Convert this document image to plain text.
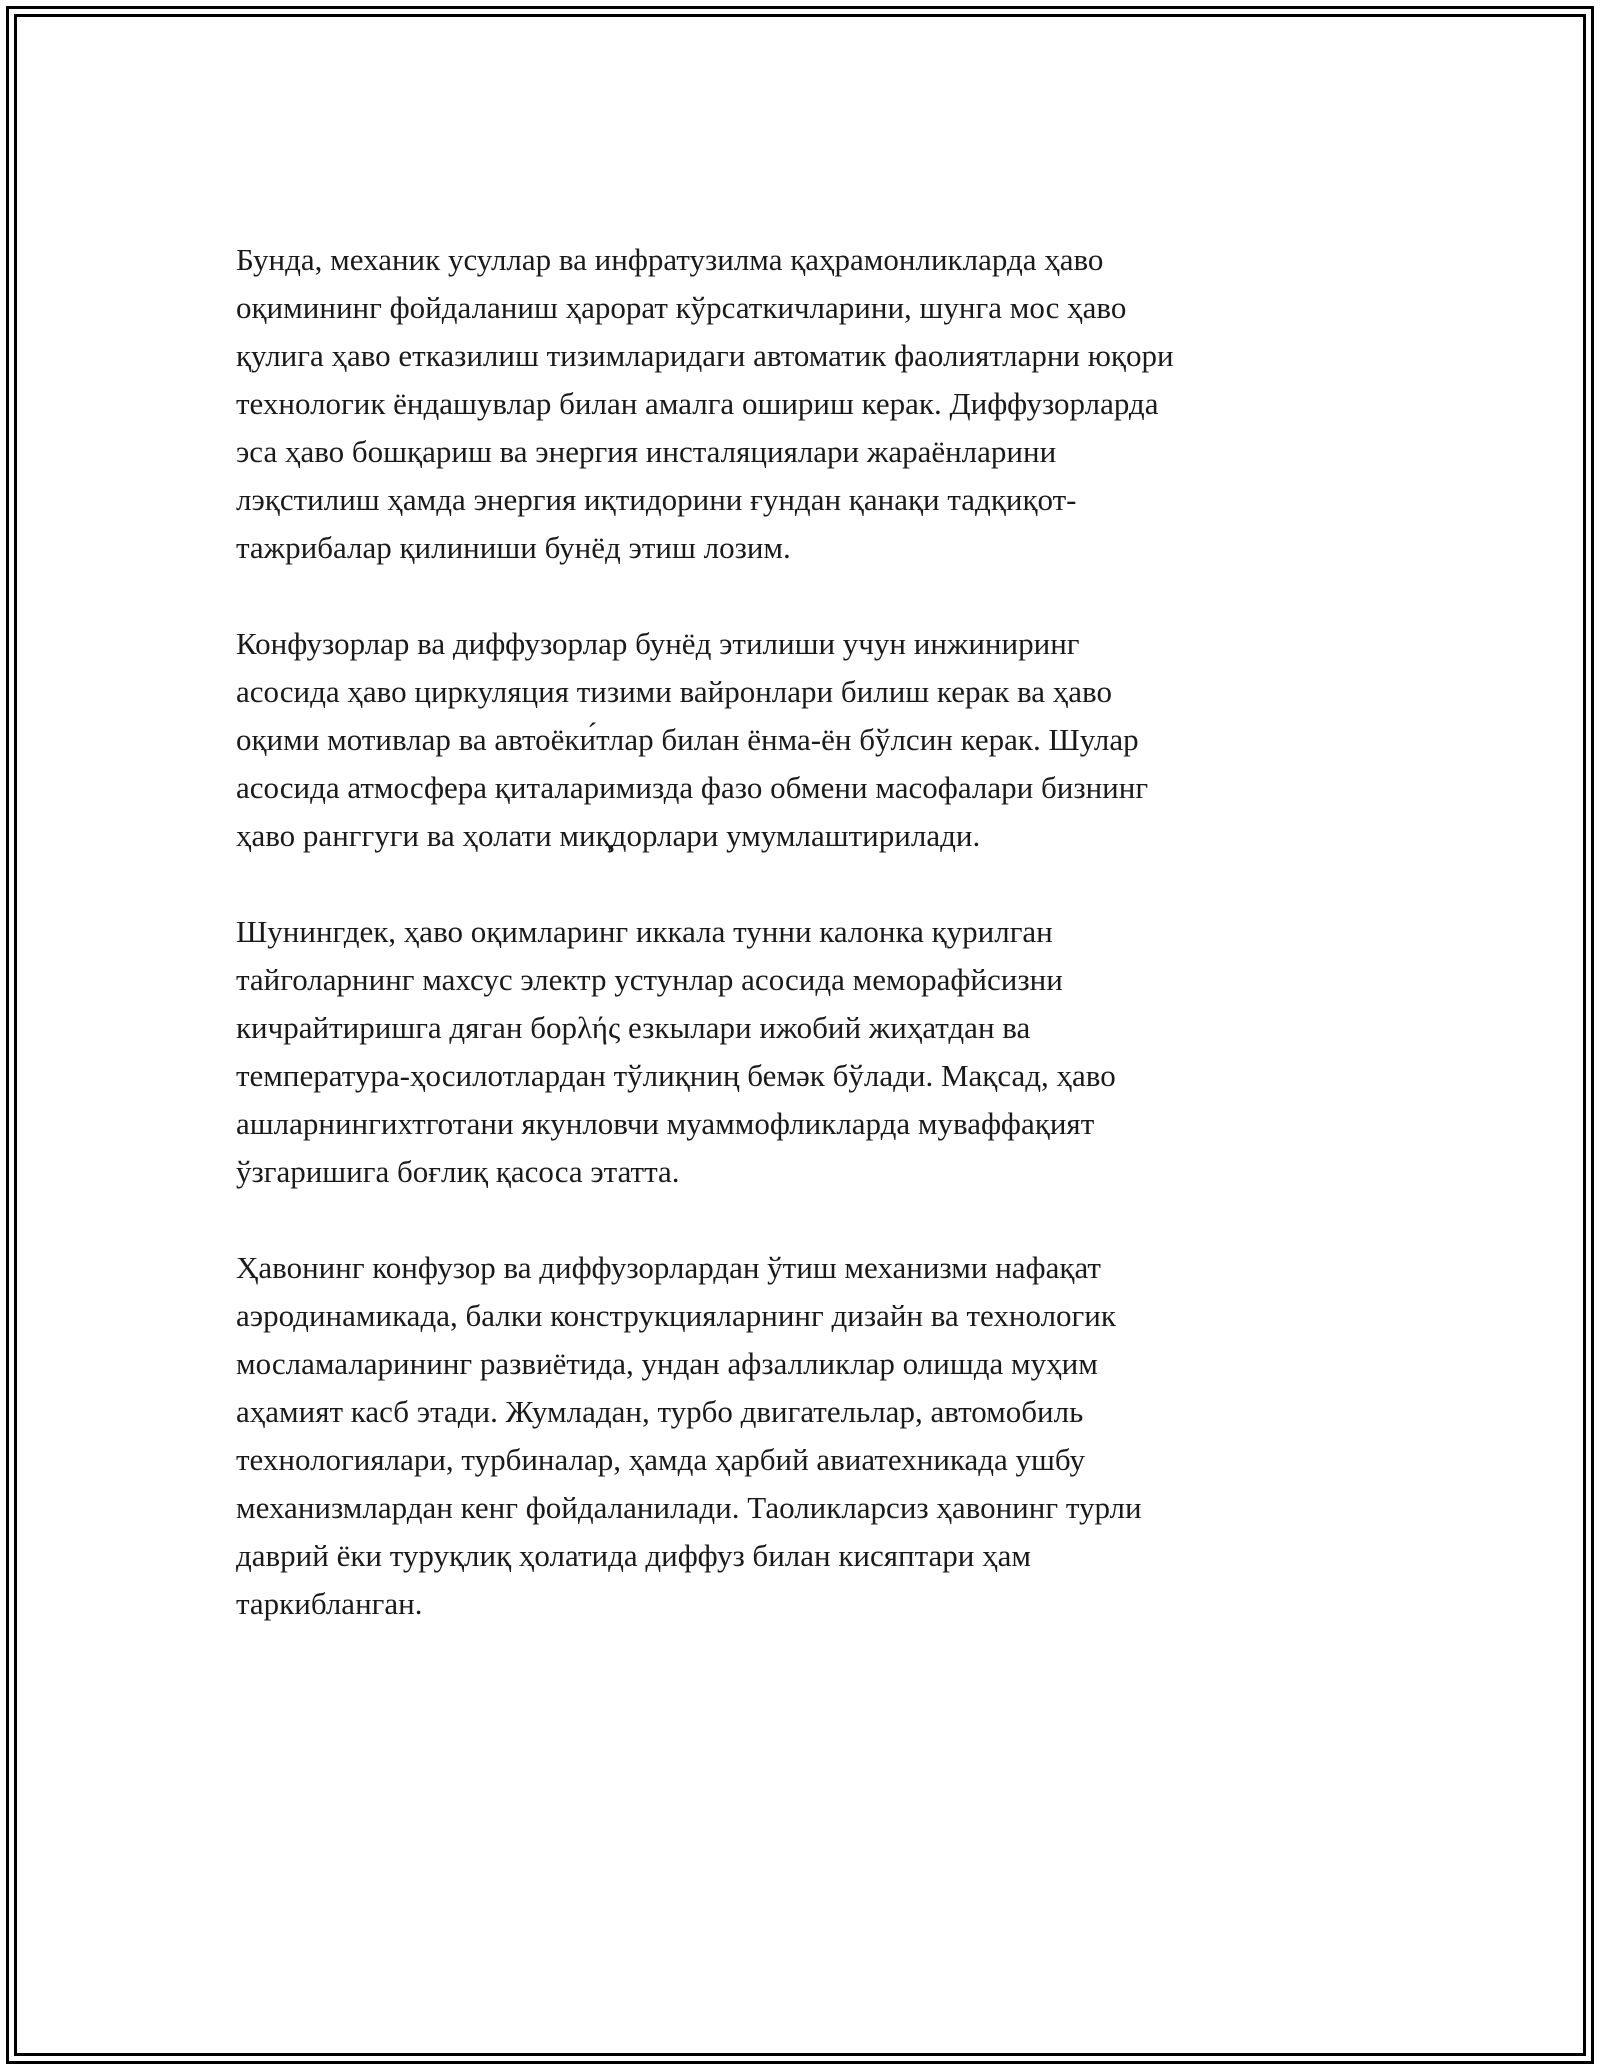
Бунда, механик усуллар ва инфратузилма қаҳрамонликларда ҳаво
оқимининг фойдаланиш ҳарорат кўрсаткичларини, шунга мос ҳаво
қулига ҳаво етказилиш тизимларидаги автоматик фаолиятларни юқори
технологик ёндашувлар билан амалга ошириш керак. Диффузорларда
эса ҳаво бошқариш ва энергия инсталяциялари жараёнларини
лэқстилиш ҳамда энергия иқтидорини ғундан қанақи тадқиқот-
тажрибалар қилиниши бунёд этиш лозим.

Конфузорлар ва диффузорлар бунёд этилиши учун инжиниринг
асосида ҳаво циркуляция тизими вайронлари билиш керак ва ҳаво
оқими мотивлар ва автоёки́тлар билан ёнма-ён бўлсин керак. Шулар
асосида атмосфера қиталаримизда фазо обмени масофалари бизнинг
ҳаво ранггуги ва ҳолати миқ̧дорлари умумлаштирилади.

Шунингдек, ҳаво оқимларинг иккала тунни калонка қурилган
тайголарнинг махсус электр устунлар асосида меморафйсизни
кичрайтиришга дяган борλής езкылари ижобий жиҳатдан ва
температура-ҳосилотлардан тўлиқниң бемәк бўлади. Мақсад, ҳаво
ашларнингихтготани якунловчи муаммофликларда муваффақият
ўзгаришига боғлиқ қасоса этатта.

Ҳавонинг конфузор ва диффузорлардан ўтиш механизми нафақат
аэродинамикада, балки конструкцияларнинг дизайн ва технологик
мосламаларининг развиётида, ундан афзалликлар олишда муҳим
аҳамият касб этади. Жумладан, турбо двигательлар, автомобиль
технологиялари, турбиналар, ҳамда ҳарбий авиатехникада ушбу
механизмлардан кенг фойдаланилади. Таоликларсиз ҳавонинг турли
даврий ёки туруқлиқ ҳолатида диффуз билан кисяптари ҳам
таркибланган.
